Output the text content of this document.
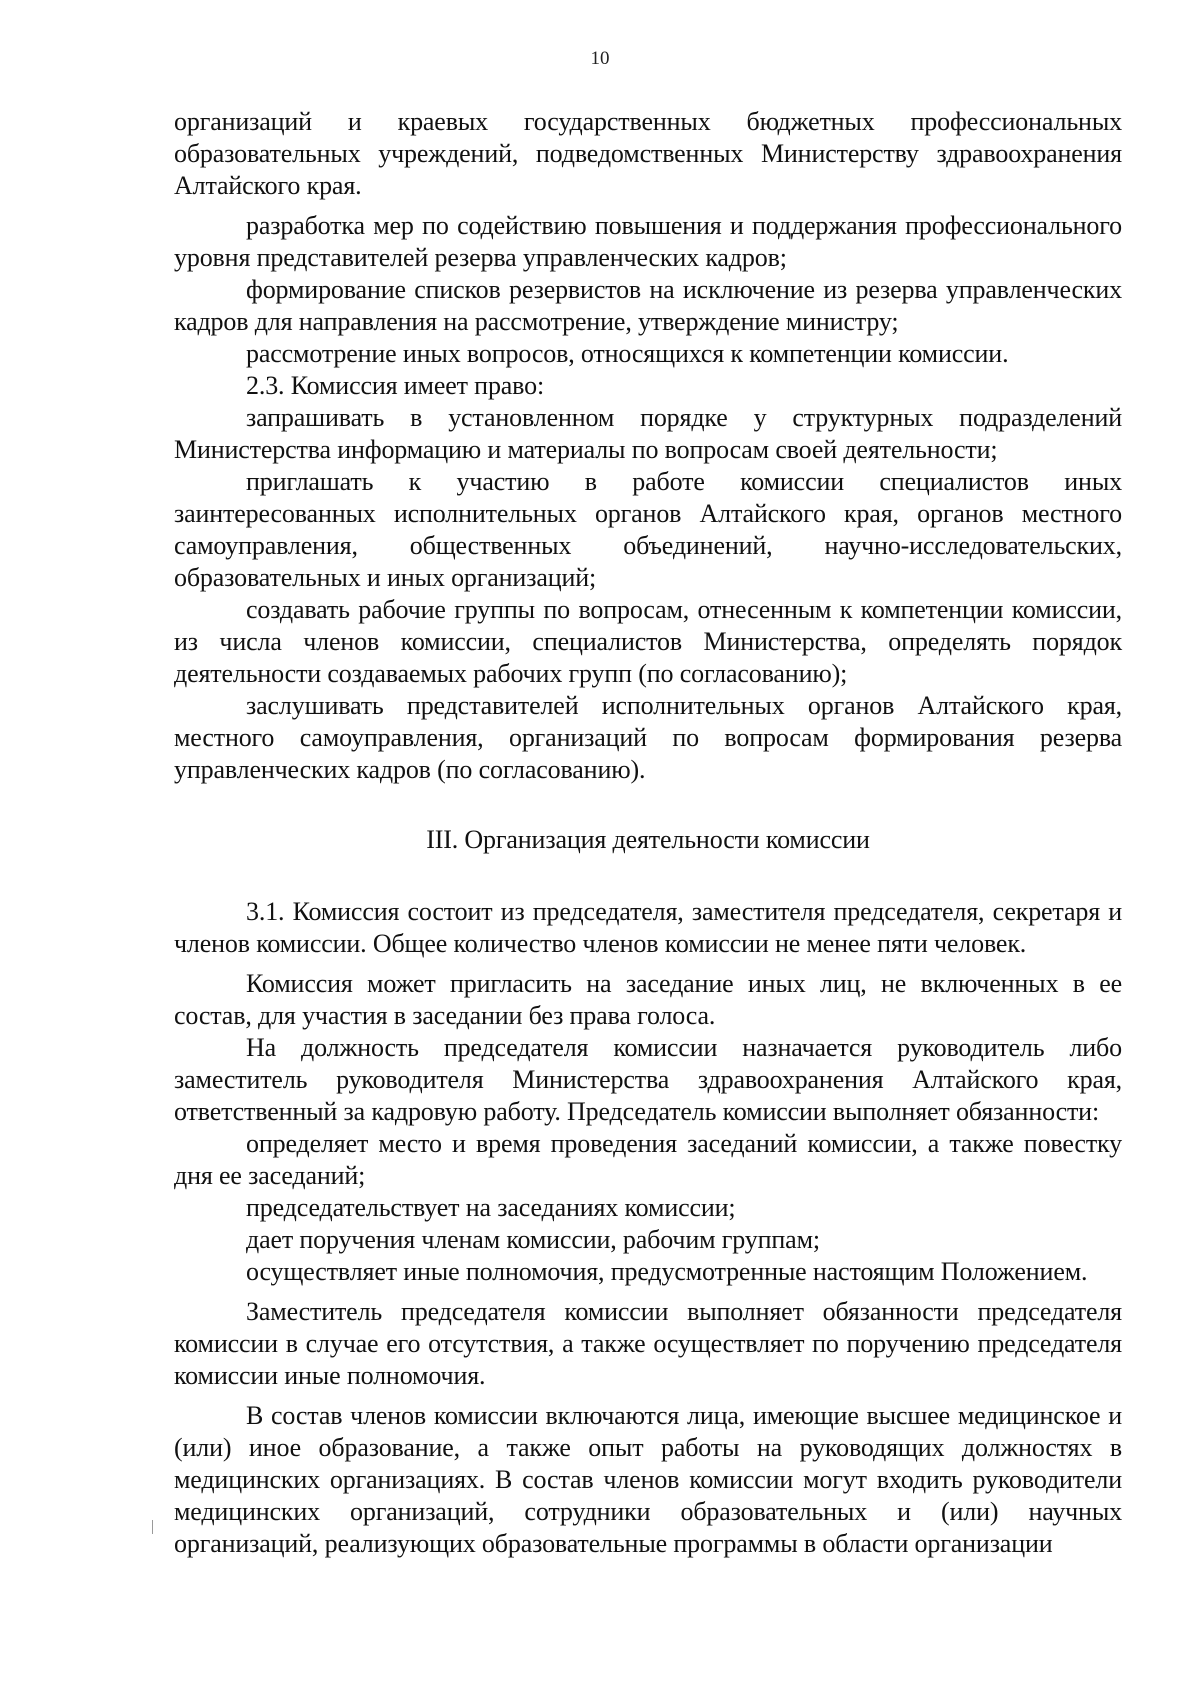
10

организаций и краевых государственных бюджетных профессиональных образовательных учреждений, подведомственных Министерству здравоохранения Алтайского края.

разработка мер по содействию повышения и поддержания профессионального уровня представителей резерва управленческих кадров;

формирование списков резервистов на исключение из резерва управленческих кадров для направления на рассмотрение, утверждение министру;

рассмотрение иных вопросов, относящихся к компетенции комиссии.

2.3. Комиссия имеет право:

запрашивать в установленном порядке у структурных подразделений Министерства информацию и материалы по вопросам своей деятельности;

приглашать к участию в работе комиссии специалистов иных заинтересованных исполнительных органов Алтайского края, органов местного самоуправления, общественных объединений, научно-исследовательских, образовательных и иных организаций;

создавать рабочие группы по вопросам, отнесенным к компетенции комиссии, из числа членов комиссии, специалистов Министерства, определять порядок деятельности создаваемых рабочих групп (по согласованию);

заслушивать представителей исполнительных органов Алтайского края, местного самоуправления, организаций по вопросам формирования резерва управленческих кадров (по согласованию).

III. Организация деятельности комиссии

3.1. Комиссия состоит из председателя, заместителя председателя, секретаря и членов комиссии. Общее количество членов комиссии не менее пяти человек.

Комиссия может пригласить на заседание иных лиц, не включенных в ее состав, для участия в заседании без права голоса.

На должность председателя комиссии назначается руководитель либо заместитель руководителя Министерства здравоохранения Алтайского края, ответственный за кадровую работу. Председатель комиссии выполняет обязанности:

определяет место и время проведения заседаний комиссии, а также повестку дня ее заседаний;

председательствует на заседаниях комиссии;

дает поручения членам комиссии, рабочим группам;

осуществляет иные полномочия, предусмотренные настоящим Положением.

Заместитель председателя комиссии выполняет обязанности председателя комиссии в случае его отсутствия, а также осуществляет по поручению председателя комиссии иные полномочия.

В состав членов комиссии включаются лица, имеющие высшее медицинское и (или) иное образование, а также опыт работы на руководящих должностях в медицинских организациях. В состав членов комиссии могут входить руководители медицинских организаций, сотрудники образовательных и (или) научных организаций, реализующих образовательные программы в области организации
